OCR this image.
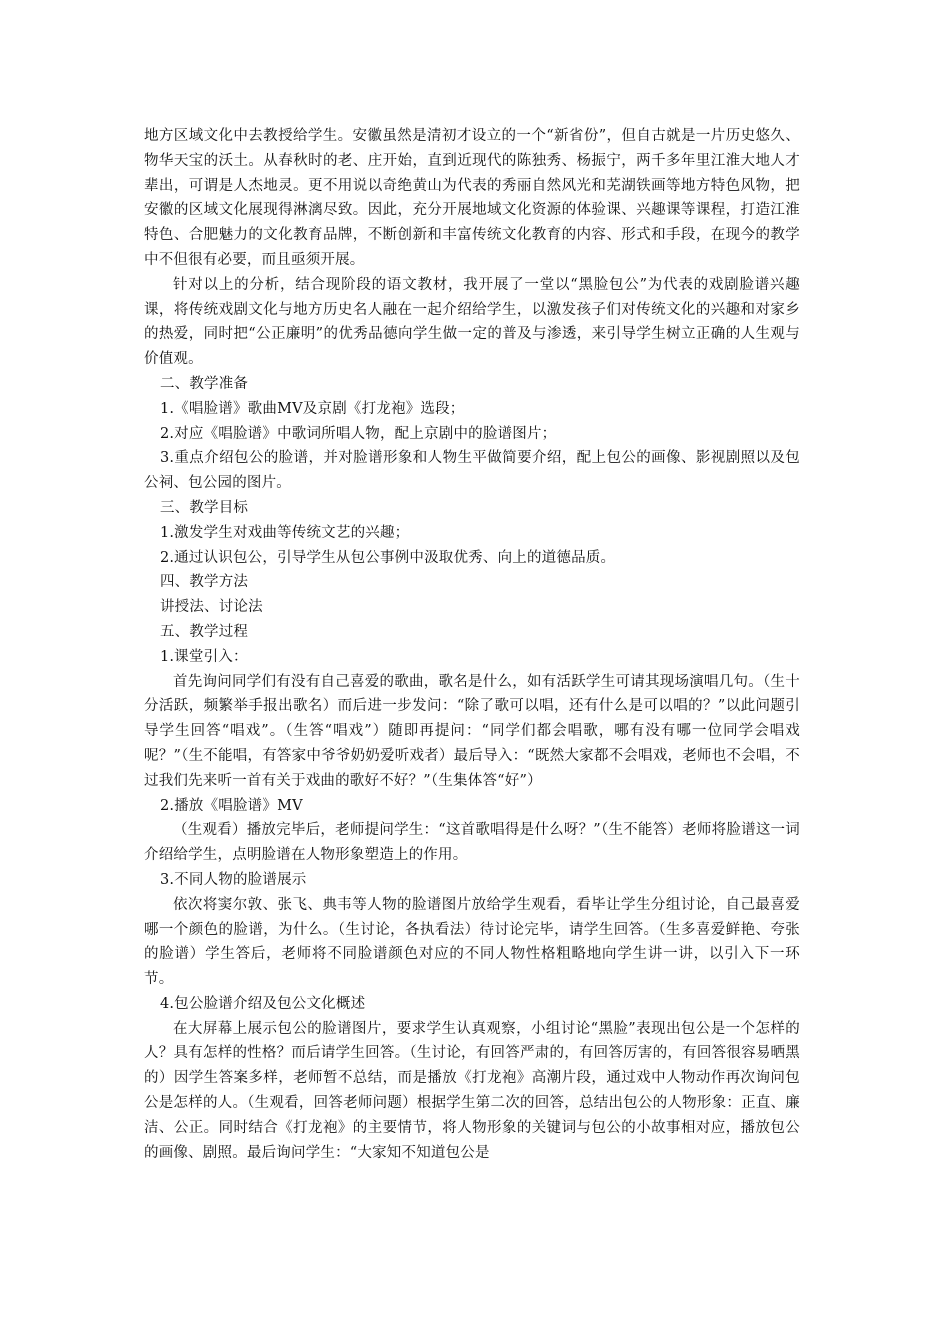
地方区域文化中去教授给学生。安徽虽然是清初才设立的一个“新省份”，但自古就是一片历史悠久、物华天宝的沃土。从春秋时的老、庄开始，直到近现代的陈独秀、杨振宁，两千多年里江淮大地人才辈出，可谓是人杰地灵。更不用说以奇绝黄山为代表的秀丽自然风光和芜湖铁画等地方特色风物，把安徽的区域文化展现得淋漓尽致。因此，充分开展地域文化资源的体验课、兴趣课等课程，打造江淮特色、合肥魅力的文化教育品牌，不断创新和丰富传统文化教育的内容、形式和手段，在现今的教学中不但很有必要，而且亟须开展。

针对以上的分析，结合现阶段的语文教材，我开展了一堂以“黑脸包公”为代表的戏剧脸谱兴趣课，将传统戏剧文化与地方历史名人融在一起介绍给学生，以激发孩子们对传统文化的兴趣和对家乡的热爱，同时把“公正廉明”的优秀品德向学生做一定的普及与渗透，来引导学生树立正确的人生观与价值观。

二、教学准备

1.《唱脸谱》歌曲MV及京剧《打龙袍》选段；

2.对应《唱脸谱》中歌词所唱人物，配上京剧中的脸谱图片；

3.重点介绍包公的脸谱，并对脸谱形象和人物生平做简要介绍，配上包公的画像、影视剧照以及包公祠、包公园的图片。

三、教学目标

1.激发学生对戏曲等传统文艺的兴趣；

2.通过认识包公，引导学生从包公事例中汲取优秀、向上的道德品质。

四、教学方法

讲授法、讨论法

五、教学过程

1.课堂引入：

首先询问同学们有没有自己喜爱的歌曲，歌名是什么，如有活跃学生可请其现场演唱几句。（生十分活跃，频繁举手报出歌名）而后进一步发问：“除了歌可以唱，还有什么是可以唱的？”以此问题引导学生回答“唱戏”。（生答“唱戏”）随即再提问：“同学们都会唱歌，哪有没有哪一位同学会唱戏呢？”（生不能唱，有答家中爷爷奶奶爱听戏者）最后导入：“既然大家都不会唱戏，老师也不会唱，不过我们先来听一首有关于戏曲的歌好不好？”（生集体答“好”）

2.播放《唱脸谱》MV

（生观看）播放完毕后，老师提问学生：“这首歌唱得是什么呀？”（生不能答）老师将脸谱这一词介绍给学生，点明脸谱在人物形象塑造上的作用。

3.不同人物的脸谱展示

依次将窦尔敦、张飞、典韦等人物的脸谱图片放给学生观看，看毕让学生分组讨论，自己最喜爱哪一个颜色的脸谱，为什么。（生讨论，各执看法）待讨论完毕，请学生回答。（生多喜爱鲜艳、夸张的脸谱）学生答后，老师将不同脸谱颜色对应的不同人物性格粗略地向学生讲一讲，以引入下一环节。

4.包公脸谱介绍及包公文化概述

在大屏幕上展示包公的脸谱图片，要求学生认真观察，小组讨论“黑脸”表现出包公是一个怎样的人？具有怎样的性格？而后请学生回答。（生讨论，有回答严肃的，有回答厉害的，有回答很容易晒黑的）因学生答案多样，老师暂不总结，而是播放《打龙袍》高潮片段，通过戏中人物动作再次询问包公是怎样的人。（生观看，回答老师问题）根据学生第二次的回答，总结出包公的人物形象：正直、廉洁、公正。同时结合《打龙袍》的主要情节，将人物形象的关键词与包公的小故事相对应，播放包公的画像、剧照。最后询问学生：“大家知不知道包公是
